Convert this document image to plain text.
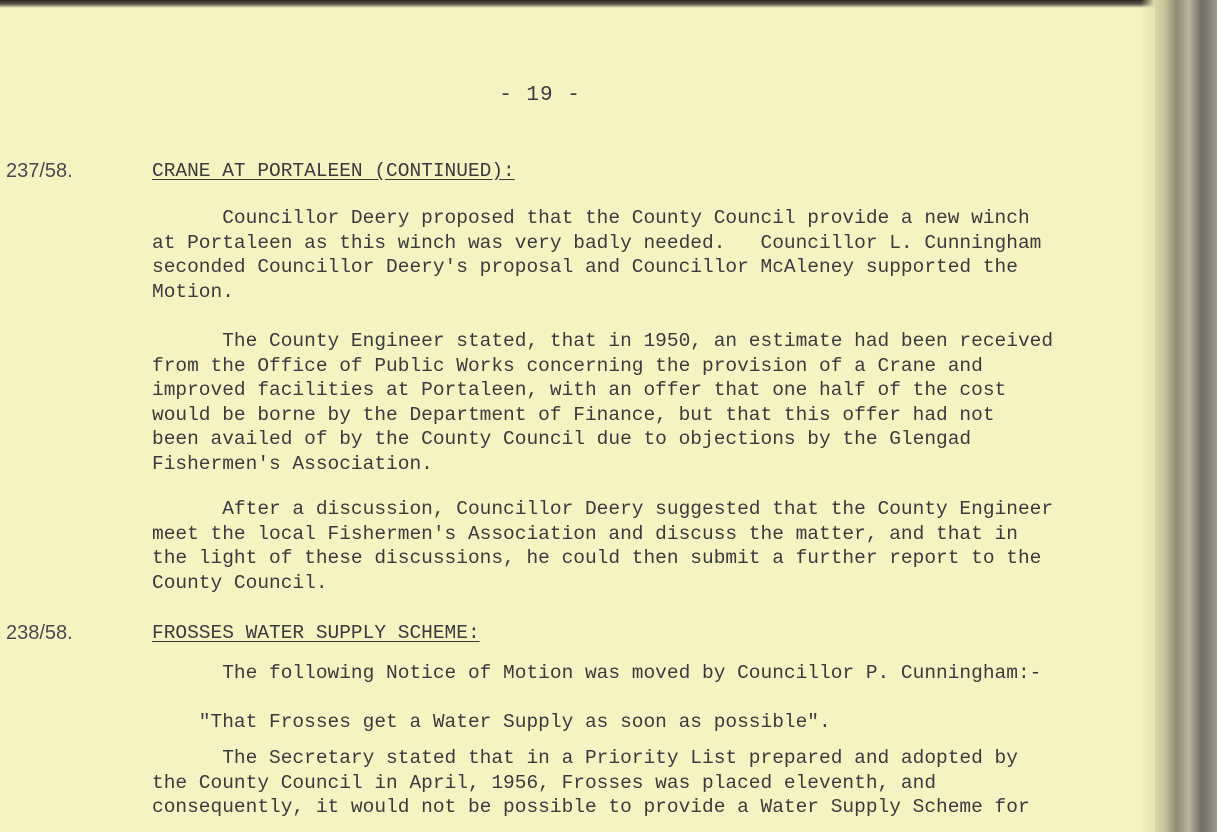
- 19 -
237/58.	CRANE AT PORTALEEN (CONTINUED):

Councillor Deery proposed that the County Council provide a new winch
at Portaleen as this winch was very badly needed.   Councillor L. Cunningham
seconded Councillor Deery's proposal and Councillor McAleney supported the
Motion.

The County Engineer stated, that in 1950, an estimate had been received
from the Office of Public Works concerning the provision of a Crane and
improved facilities at Portaleen, with an offer that one half of the cost
would be borne by the Department of Finance, but that this offer had not
been availed of by the County Council due to objections by the Glengad
Fishermen's Association.

After a discussion, Councillor Deery suggested that the County Engineer
meet the local Fishermen's Association and discuss the matter, and that in
the light of these discussions, he could then submit a further report to the
County Council.

238/58.	FROSSES WATER SUPPLY SCHEME:

The following Notice of Motion was moved by Councillor P. Cunningham:-

"That Frosses get a Water Supply as soon as possible".

The Secretary stated that in a Priority List prepared and adopted by
the County Council in April, 1956, Frosses was placed eleventh, and
consequently, it would not be possible to provide a Water Supply Scheme for
